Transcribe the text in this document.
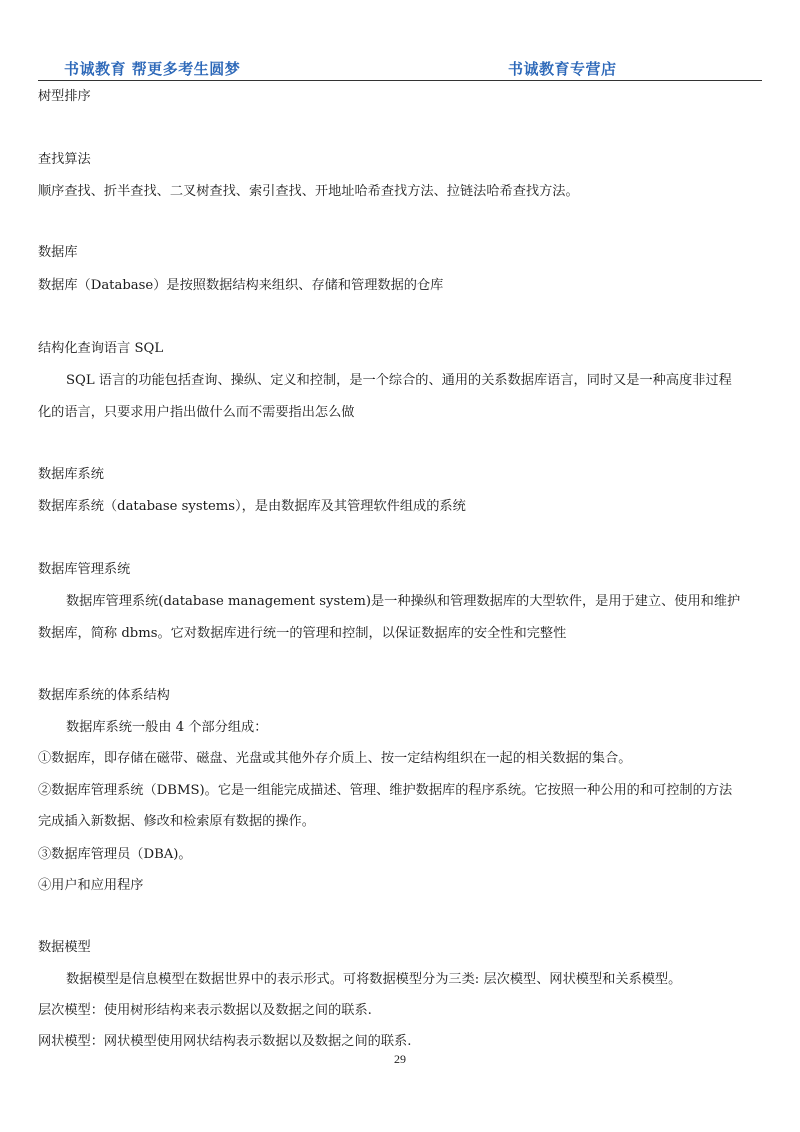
书诚教育 帮更多考生圆梦	书诚教育专营店
树型排序
查找算法
顺序查找、折半查找、二叉树查找、索引查找、开地址哈希查找方法、拉链法哈希查找方法。
数据库
数据库（Database）是按照数据结构来组织、存储和管理数据的仓库
结构化查询语言 SQL
SQL 语言的功能包括查询、操纵、定义和控制，是一个综合的、通用的关系数据库语言，同时又是一种高度非过程
化的语言，只要求用户指出做什么而不需要指出怎么做
数据库系统
数据库系统（database systems），是由数据库及其管理软件组成的系统
数据库管理系统
数据库管理系统(database management system)是一种操纵和管理数据库的大型软件，是用于建立、使用和维护
数据库，简称 dbms。它对数据库进行统一的管理和控制，以保证数据库的安全性和完整性
数据库系统的体系结构
数据库系统一般由 4 个部分组成：
①数据库，即存储在磁带、磁盘、光盘或其他外存介质上、按一定结构组织在一起的相关数据的集合。
②数据库管理系统（DBMS)。它是一组能完成描述、管理、维护数据库的程序系统。它按照一种公用的和可控制的方法
完成插入新数据、修改和检索原有数据的操作。
③数据库管理员（DBA)。
④用户和应用程序
数据模型
数据模型是信息模型在数据世界中的表示形式。可将数据模型分为三类: 层次模型、网状模型和关系模型。
层次模型：使用树形结构来表示数据以及数据之间的联系.
网状模型：网状模型使用网状结构表示数据以及数据之间的联系.
29
